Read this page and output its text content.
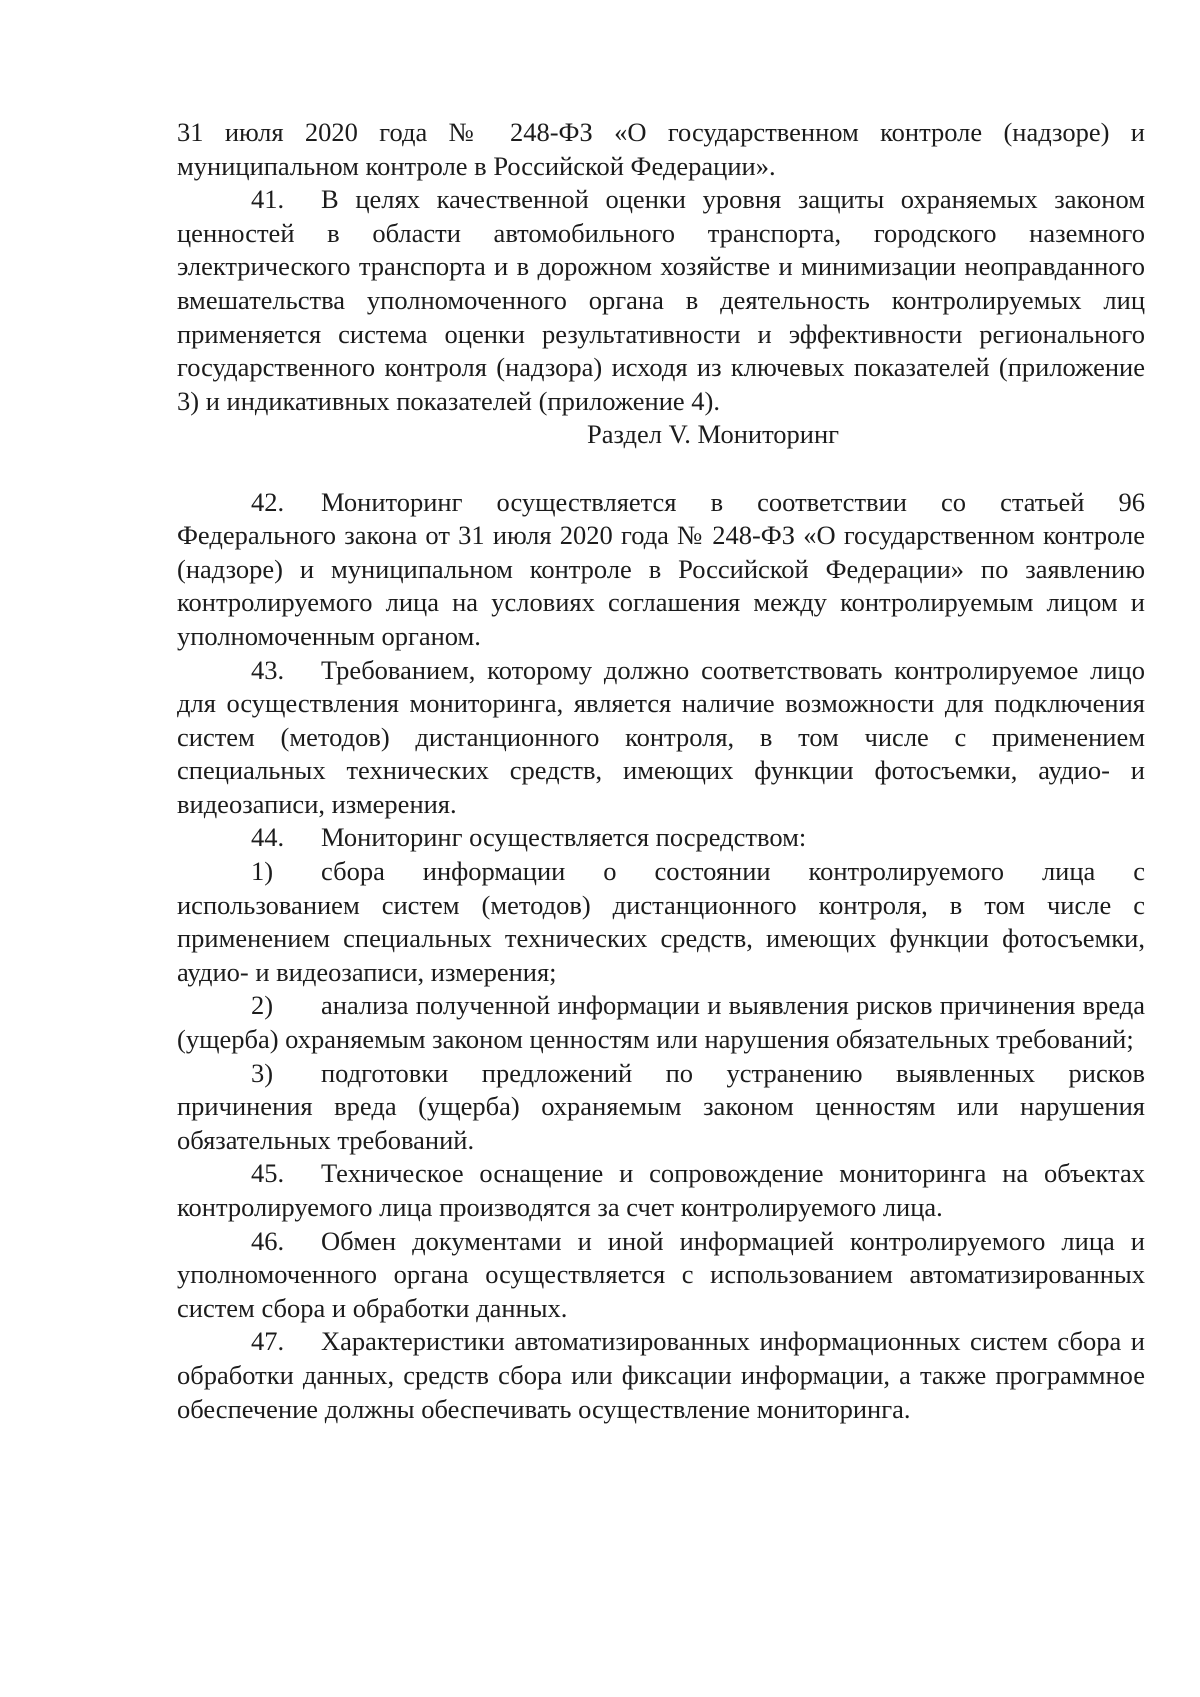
31 июля 2020 года № 248-ФЗ «О государственном контроле (надзоре) и муниципальном контроле в Российской Федерации».

41. В целях качественной оценки уровня защиты охраняемых законом ценностей в области автомобильного транспорта, городского наземного электрического транспорта и в дорожном хозяйстве и минимизации неоправданного вмешательства уполномоченного органа в деятельность контролируемых лиц применяется система оценки результативности и эффективности регионального государственного контроля (надзора) исходя из ключевых показателей (приложение 3) и индикативных показателей (приложение 4).

Раздел V. Мониторинг

42. Мониторинг осуществляется в соответствии со статьей 96 Федерального закона от 31 июля 2020 года № 248-ФЗ «О государственном контроле (надзоре) и муниципальном контроле в Российской Федерации» по заявлению контролируемого лица на условиях соглашения между контролируемым лицом и уполномоченным органом.

43. Требованием, которому должно соответствовать контролируемое лицо для осуществления мониторинга, является наличие возможности для подключения систем (методов) дистанционного контроля, в том числе с применением специальных технических средств, имеющих функции фотосъемки, аудио- и видеозаписи, измерения.

44. Мониторинг осуществляется посредством:

1) сбора информации о состоянии контролируемого лица с использованием систем (методов) дистанционного контроля, в том числе с применением специальных технических средств, имеющих функции фотосъемки, аудио- и видеозаписи, измерения;

2) анализа полученной информации и выявления рисков причинения вреда (ущерба) охраняемым законом ценностям или нарушения обязательных требований;

3) подготовки предложений по устранению выявленных рисков причинения вреда (ущерба) охраняемым законом ценностям или нарушения обязательных требований.

45. Техническое оснащение и сопровождение мониторинга на объектах контролируемого лица производятся за счет контролируемого лица.

46. Обмен документами и иной информацией контролируемого лица и уполномоченного органа осуществляется с использованием автоматизированных систем сбора и обработки данных.

47. Характеристики автоматизированных информационных систем сбора и обработки данных, средств сбора или фиксации информации, а также программное обеспечение должны обеспечивать осуществление мониторинга.
